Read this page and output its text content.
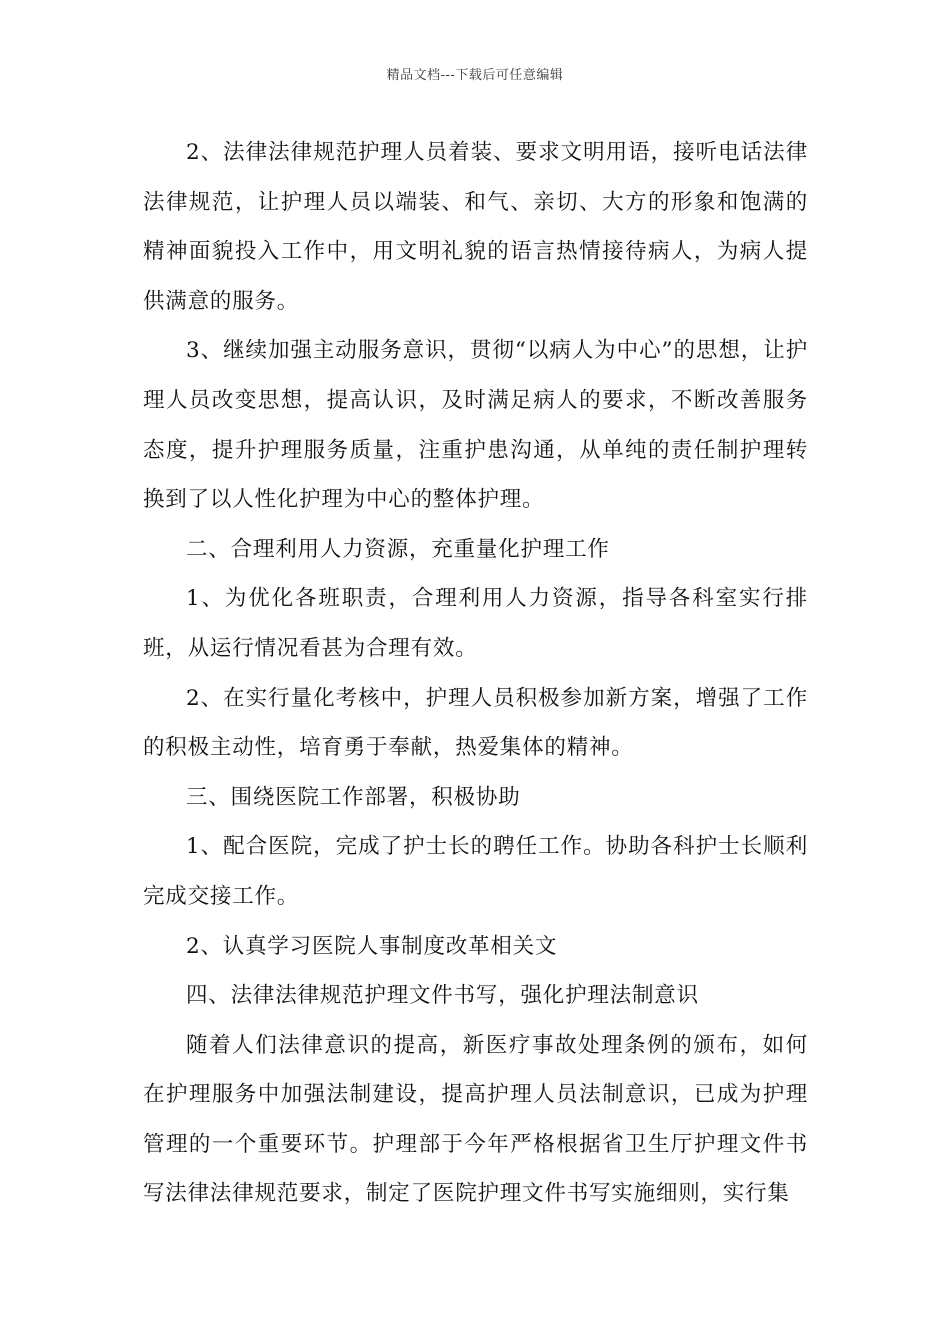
精品文档---下载后可任意编辑

2、法律法律规范护理人员着装、要求文明用语，接听电话法律法律规范，让护理人员以端装、和气、亲切、大方的形象和饱满的精神面貌投入工作中，用文明礼貌的语言热情接待病人，为病人提供满意的服务。

3、继续加强主动服务意识，贯彻“以病人为中心”的思想，让护理人员改变思想，提高认识，及时满足病人的要求，不断改善服务态度，提升护理服务质量，注重护患沟通，从单纯的责任制护理转换到了以人性化护理为中心的整体护理。

二、合理利用人力资源，充重量化护理工作

1、为优化各班职责，合理利用人力资源，指导各科室实行排班，从运行情况看甚为合理有效。

2、在实行量化考核中，护理人员积极参加新方案，增强了工作的积极主动性，培育勇于奉献，热爱集体的精神。

三、围绕医院工作部署，积极协助

1、配合医院，完成了护士长的聘任工作。协助各科护士长顺利完成交接工作。

2、认真学习医院人事制度改革相关文

四、法律法律规范护理文件书写，强化护理法制意识

随着人们法律意识的提高，新医疗事故处理条例的颁布，如何在护理服务中加强法制建设，提高护理人员法制意识，已成为护理管理的一个重要环节。护理部于今年严格根据省卫生厅护理文件书写法律法律规范要求，制定了医院护理文件书写实施细则，实行集
